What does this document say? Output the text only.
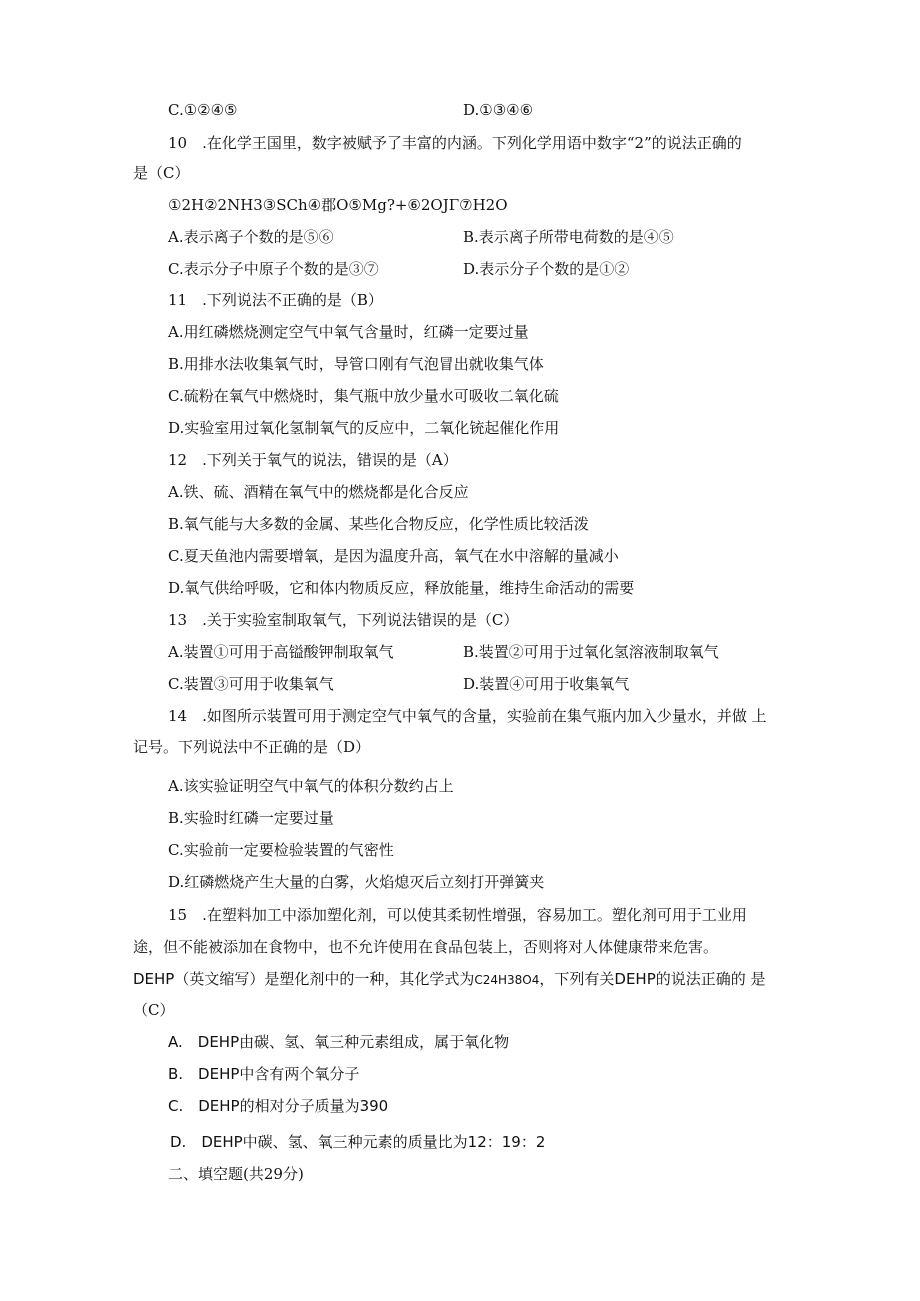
C.①②④⑤	D.①③④⑥
10　.在化学王国里，数字被赋予了丰富的内涵。下列化学用语中数字“2”的说法正确的
是（C）
①2H②2NH3③SCh④郡O⑤Mg?+⑥2OJΓ⑦H2O
A.表示离子个数的是⑤⑥	B.表示离子所带电荷数的是④⑤
C.表示分子中原子个数的是③⑦	D.表示分子个数的是①②
11　.下列说法不正确的是（B）
A.用红磷燃烧测定空气中氧气含量时，红磷一定要过量
B.用排水法收集氧气时，导管口刚有气泡冒出就收集气体
C.硫粉在氧气中燃烧时，集气瓶中放少量水可吸收二氧化硫
D.实验室用过氧化氢制氧气的反应中，二氧化铳起催化作用
12　.下列关于氧气的说法，错误的是（A）
A.铁、硫、酒精在氧气中的燃烧都是化合反应
B.氧气能与大多数的金属、某些化合物反应，化学性质比较活泼
C.夏天鱼池内需要增氧，是因为温度升高，氧气在水中溶解的量减小
D.氧气供给呼吸，它和体内物质反应，释放能量，维持生命活动的需要
13　.关于实验室制取氧气，下列说法错误的是（C）
A.装置①可用于高镒酸钾制取氧气	B.装置②可用于过氧化氢溶液制取氧气
C.装置③可用于收集氧气	D.装置④可用于收集氧气
14　.如图所示装置可用于测定空气中氧气的含量，实验前在集气瓶内加入少量水，并做 上
记号。下列说法中不正确的是（D）
A.该实验证明空气中氧气的体积分数约占上
B.实验时红磷一定要过量
C.实验前一定要检验装置的气密性
D.红磷燃烧产生大量的白雾，火焰熄灭后立刻打开弹簧夹
15　.在塑料加工中添加塑化剂，可以使其柔韧性增强，容易加工。塑化剂可用于工业用
途，但不能被添加在食物中，也不允许使用在食品包装上，否则将对人体健康带来危害。
DEHP（英文缩写）是塑化剂中的一种，其化学式为C24H38O4，下列有关DEHP的说法正确的 是
（C）
A.　DEHP由碳、氢、氧三种元素组成，属于氧化物
B.　DEHP中含有两个氧分子
C.　DEHP的相对分子质量为390
D.　DEHP中碳、氢、氧三种元素的质量比为12：19：2
二、填空题(共29分)
